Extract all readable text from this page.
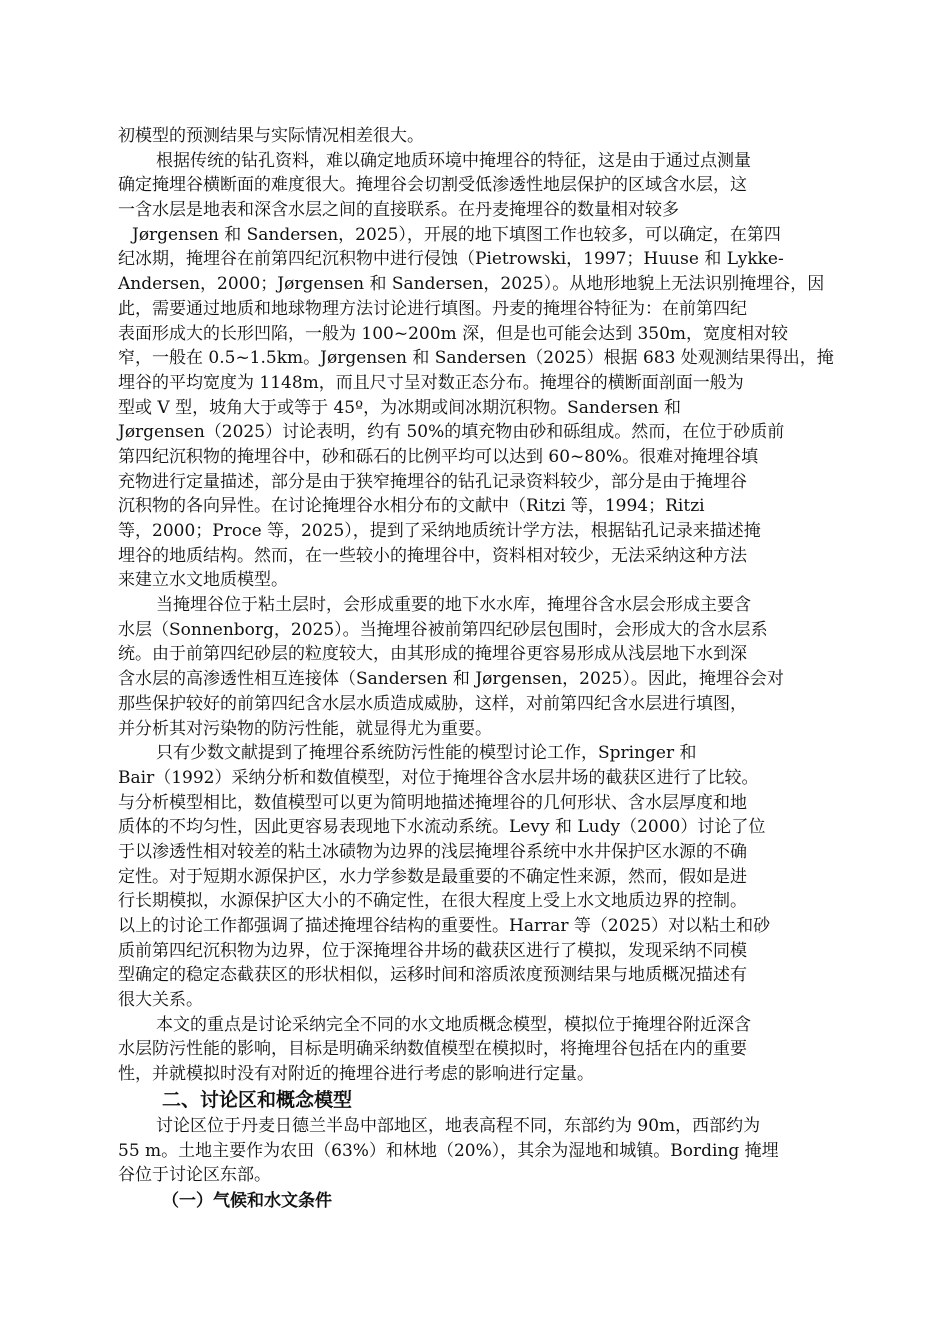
初模型的预测结果与实际情况相差很大。
根据传统的钻孔资料，难以确定地质环境中掩埋谷的特征，这是由于通过点测量
确定掩埋谷横断面的难度很大。掩埋谷会切割受低渗透性地层保护的区域含水层，这
一含水层是地表和深含水层之间的直接联系。在丹麦掩埋谷的数量相对较多
Jørgensen 和 Sandersen，2025），开展的地下填图工作也较多，可以确定，在第四
纪冰期，掩埋谷在前第四纪沉积物中进行侵蚀（Pietrowski，1997；Huuse 和 Lykke-
Andersen，2000；Jørgensen 和 Sandersen，2025）。从地形地貌上无法识别掩埋谷，因
此，需要通过地质和地球物理方法讨论进行填图。丹麦的掩埋谷特征为：在前第四纪
表面形成大的长形凹陷，一般为 100~200m 深，但是也可能会达到 350m，宽度相对较
窄，一般在 0.5~1.5km。Jørgensen 和 Sandersen（2025）根据 683 处观测结果得出，掩
埋谷的平均宽度为 1148m，而且尺寸呈对数正态分布。掩埋谷的横断面剖面一般为
型或 V 型，坡角大于或等于 45º，为冰期或间冰期沉积物。Sandersen 和
Jørgensen（2025）讨论表明，约有 50%的填充物由砂和砾组成。然而，在位于砂质前
第四纪沉积物的掩埋谷中，砂和砾石的比例平均可以达到 60~80%。很难对掩埋谷填
充物进行定量描述，部分是由于狭窄掩埋谷的钻孔记录资料较少，部分是由于掩埋谷
沉积物的各向异性。在讨论掩埋谷水相分布的文献中（Ritzi 等，1994；Ritzi
等，2000；Proce 等，2025），提到了采纳地质统计学方法，根据钻孔记录来描述掩
埋谷的地质结构。然而，在一些较小的掩埋谷中，资料相对较少，无法采纳这种方法
来建立水文地质模型。
当掩埋谷位于粘土层时，会形成重要的地下水水库，掩埋谷含水层会形成主要含
水层（Sonnenborg，2025）。当掩埋谷被前第四纪砂层包围时，会形成大的含水层系
统。由于前第四纪砂层的粒度较大，由其形成的掩埋谷更容易形成从浅层地下水到深
含水层的高渗透性相互连接体（Sandersen 和 Jørgensen，2025）。因此，掩埋谷会对
那些保护较好的前第四纪含水层水质造成威胁，这样，对前第四纪含水层进行填图，
并分析其对污染物的防污性能，就显得尤为重要。
只有少数文献提到了掩埋谷系统防污性能的模型讨论工作，Springer 和
Bair（1992）采纳分析和数值模型，对位于掩埋谷含水层井场的截获区进行了比较。
与分析模型相比，数值模型可以更为简明地描述掩埋谷的几何形状、含水层厚度和地
质体的不均匀性，因此更容易表现地下水流动系统。Levy 和 Ludy（2000）讨论了位
于以渗透性相对较差的粘土冰碛物为边界的浅层掩埋谷系统中水井保护区水源的不确
定性。对于短期水源保护区，水力学参数是最重要的不确定性来源，然而，假如是进
行长期模拟，水源保护区大小的不确定性，在很大程度上受上水文地质边界的控制。
以上的讨论工作都强调了描述掩埋谷结构的重要性。Harrar 等（2025）对以粘土和砂
质前第四纪沉积物为边界，位于深掩埋谷井场的截获区进行了模拟，发现采纳不同模
型确定的稳定态截获区的形状相似，运移时间和溶质浓度预测结果与地质概况描述有
很大关系。
本文的重点是讨论采纳完全不同的水文地质概念模型，模拟位于掩埋谷附近深含
水层防污性能的影响，目标是明确采纳数值模型在模拟时，将掩埋谷包括在内的重要
性，并就模拟时没有对附近的掩埋谷进行考虑的影响进行定量。
二、讨论区和概念模型
讨论区位于丹麦日德兰半岛中部地区，地表高程不同，东部约为 90m，西部约为
55 m。土地主要作为农田（63%）和林地（20%），其余为湿地和城镇。Bording 掩埋
谷位于讨论区东部。
（一）气候和水文条件
